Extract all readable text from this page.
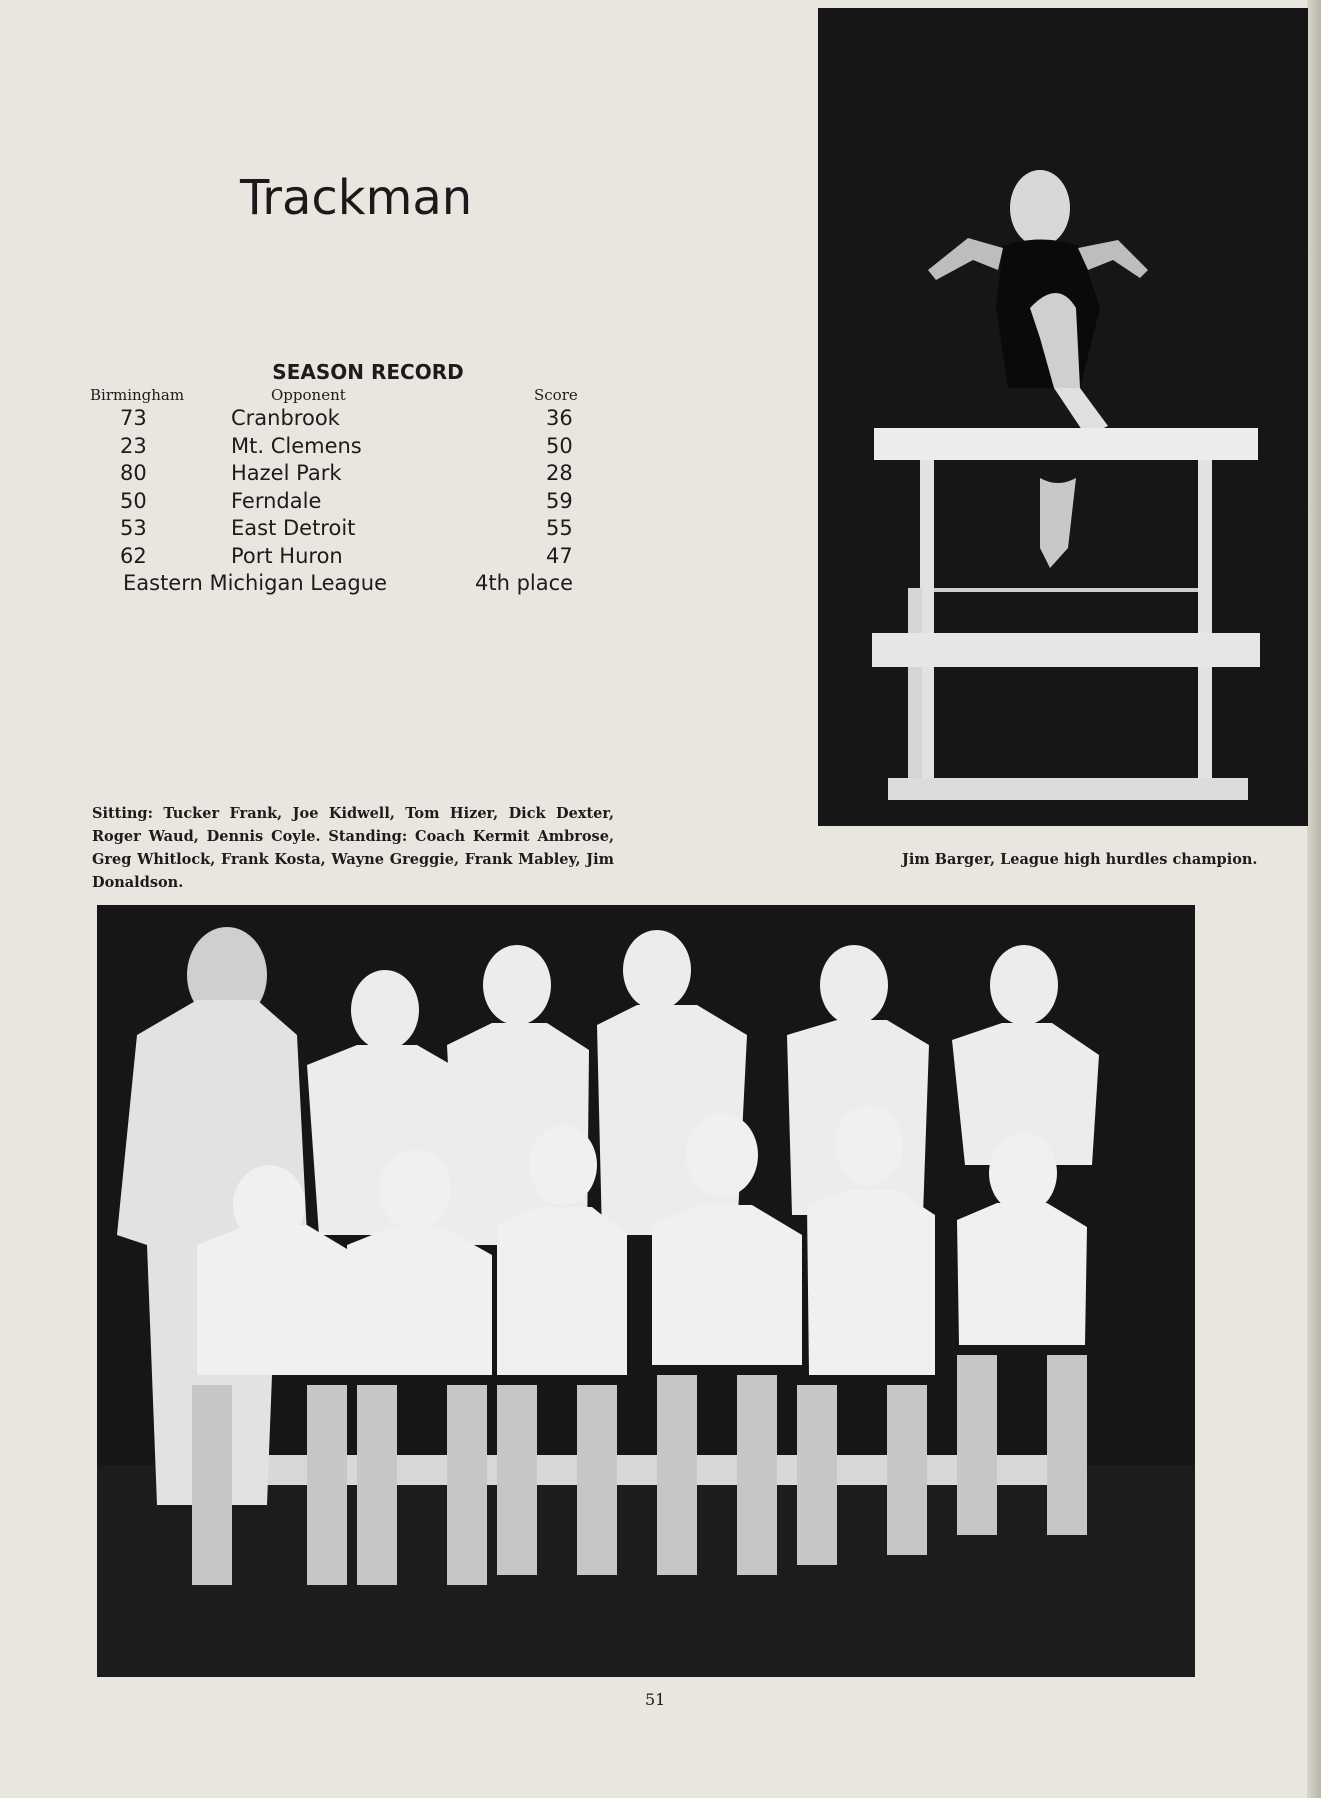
Trackman
SEASON RECORD
Birmingham	Opponent	Score
73	Cranbrook	36
23	Mt. Clemens	50
80	Hazel Park	28
50	Ferndale	59
53	East Detroit	55
62	Port Huron	47
Eastern Michigan League	4th place
Jim Barger, League high hurdles champion.
Sitting: Tucker Frank, Joe Kidwell, Tom Hizer, Dick Dexter, Roger Waud, Dennis Coyle. Standing: Coach Kermit Ambrose, Greg Whitlock, Frank Kosta, Wayne Greggie, Frank Mabley, Jim Donaldson.
51
